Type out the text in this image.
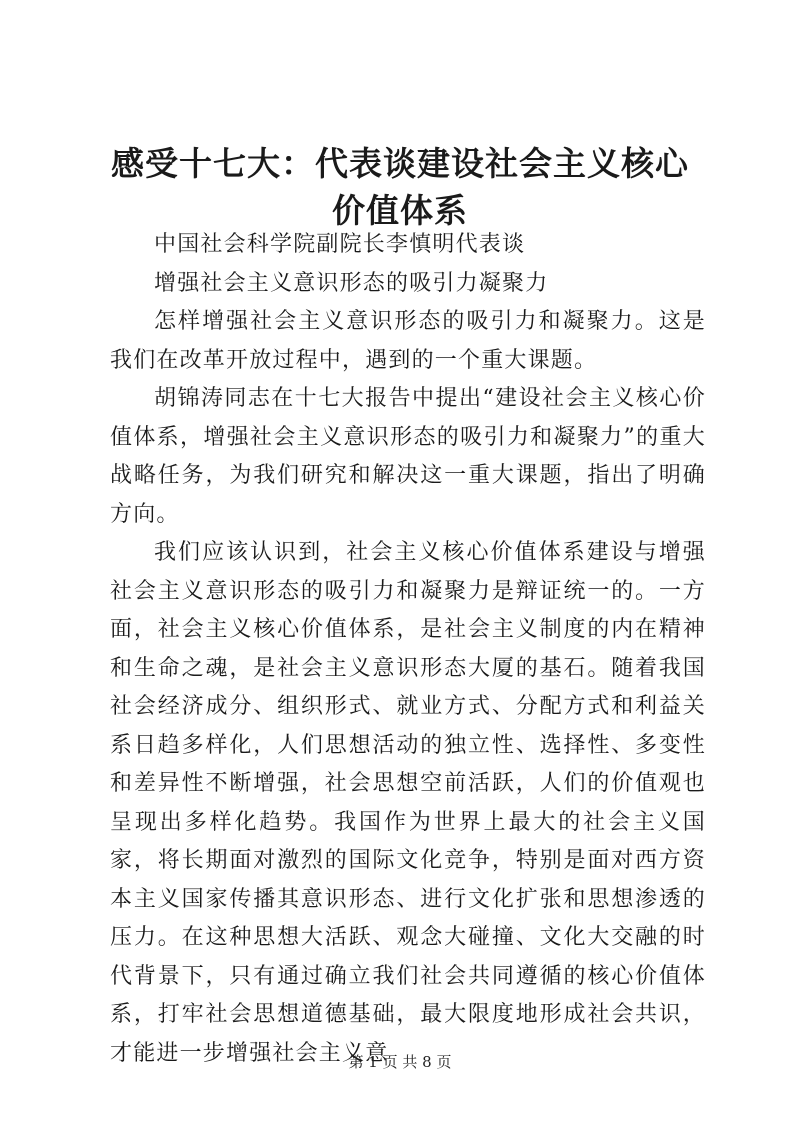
感受十七大：代表谈建设社会主义核心价值体系

中国社会科学院副院长李慎明代表谈

增强社会主义意识形态的吸引力凝聚力

怎样增强社会主义意识形态的吸引力和凝聚力。这是我们在改革开放过程中，遇到的一个重大课题。

胡锦涛同志在十七大报告中提出“建设社会主义核心价值体系，增强社会主义意识形态的吸引力和凝聚力”的重大战略任务，为我们研究和解决这一重大课题，指出了明确方向。

我们应该认识到，社会主义核心价值体系建设与增强社会主义意识形态的吸引力和凝聚力是辩证统一的。一方面，社会主义核心价值体系，是社会主义制度的内在精神和生命之魂，是社会主义意识形态大厦的基石。随着我国社会经济成分、组织形式、就业方式、分配方式和利益关系日趋多样化，人们思想活动的独立性、选择性、多变性和差异性不断增强，社会思想空前活跃，人们的价值观也呈现出多样化趋势。我国作为世界上最大的社会主义国家，将长期面对激烈的国际文化竞争，特别是面对西方资本主义国家传播其意识形态、进行文化扩张和思想渗透的压力。在这种思想大活跃、观念大碰撞、文化大交融的时代背景下，只有通过确立我们社会共同遵循的核心价值体系，打牢社会思想道德基础，最大限度地形成社会共识，才能进一步增强社会主义意

第 1 页 共 8 页
